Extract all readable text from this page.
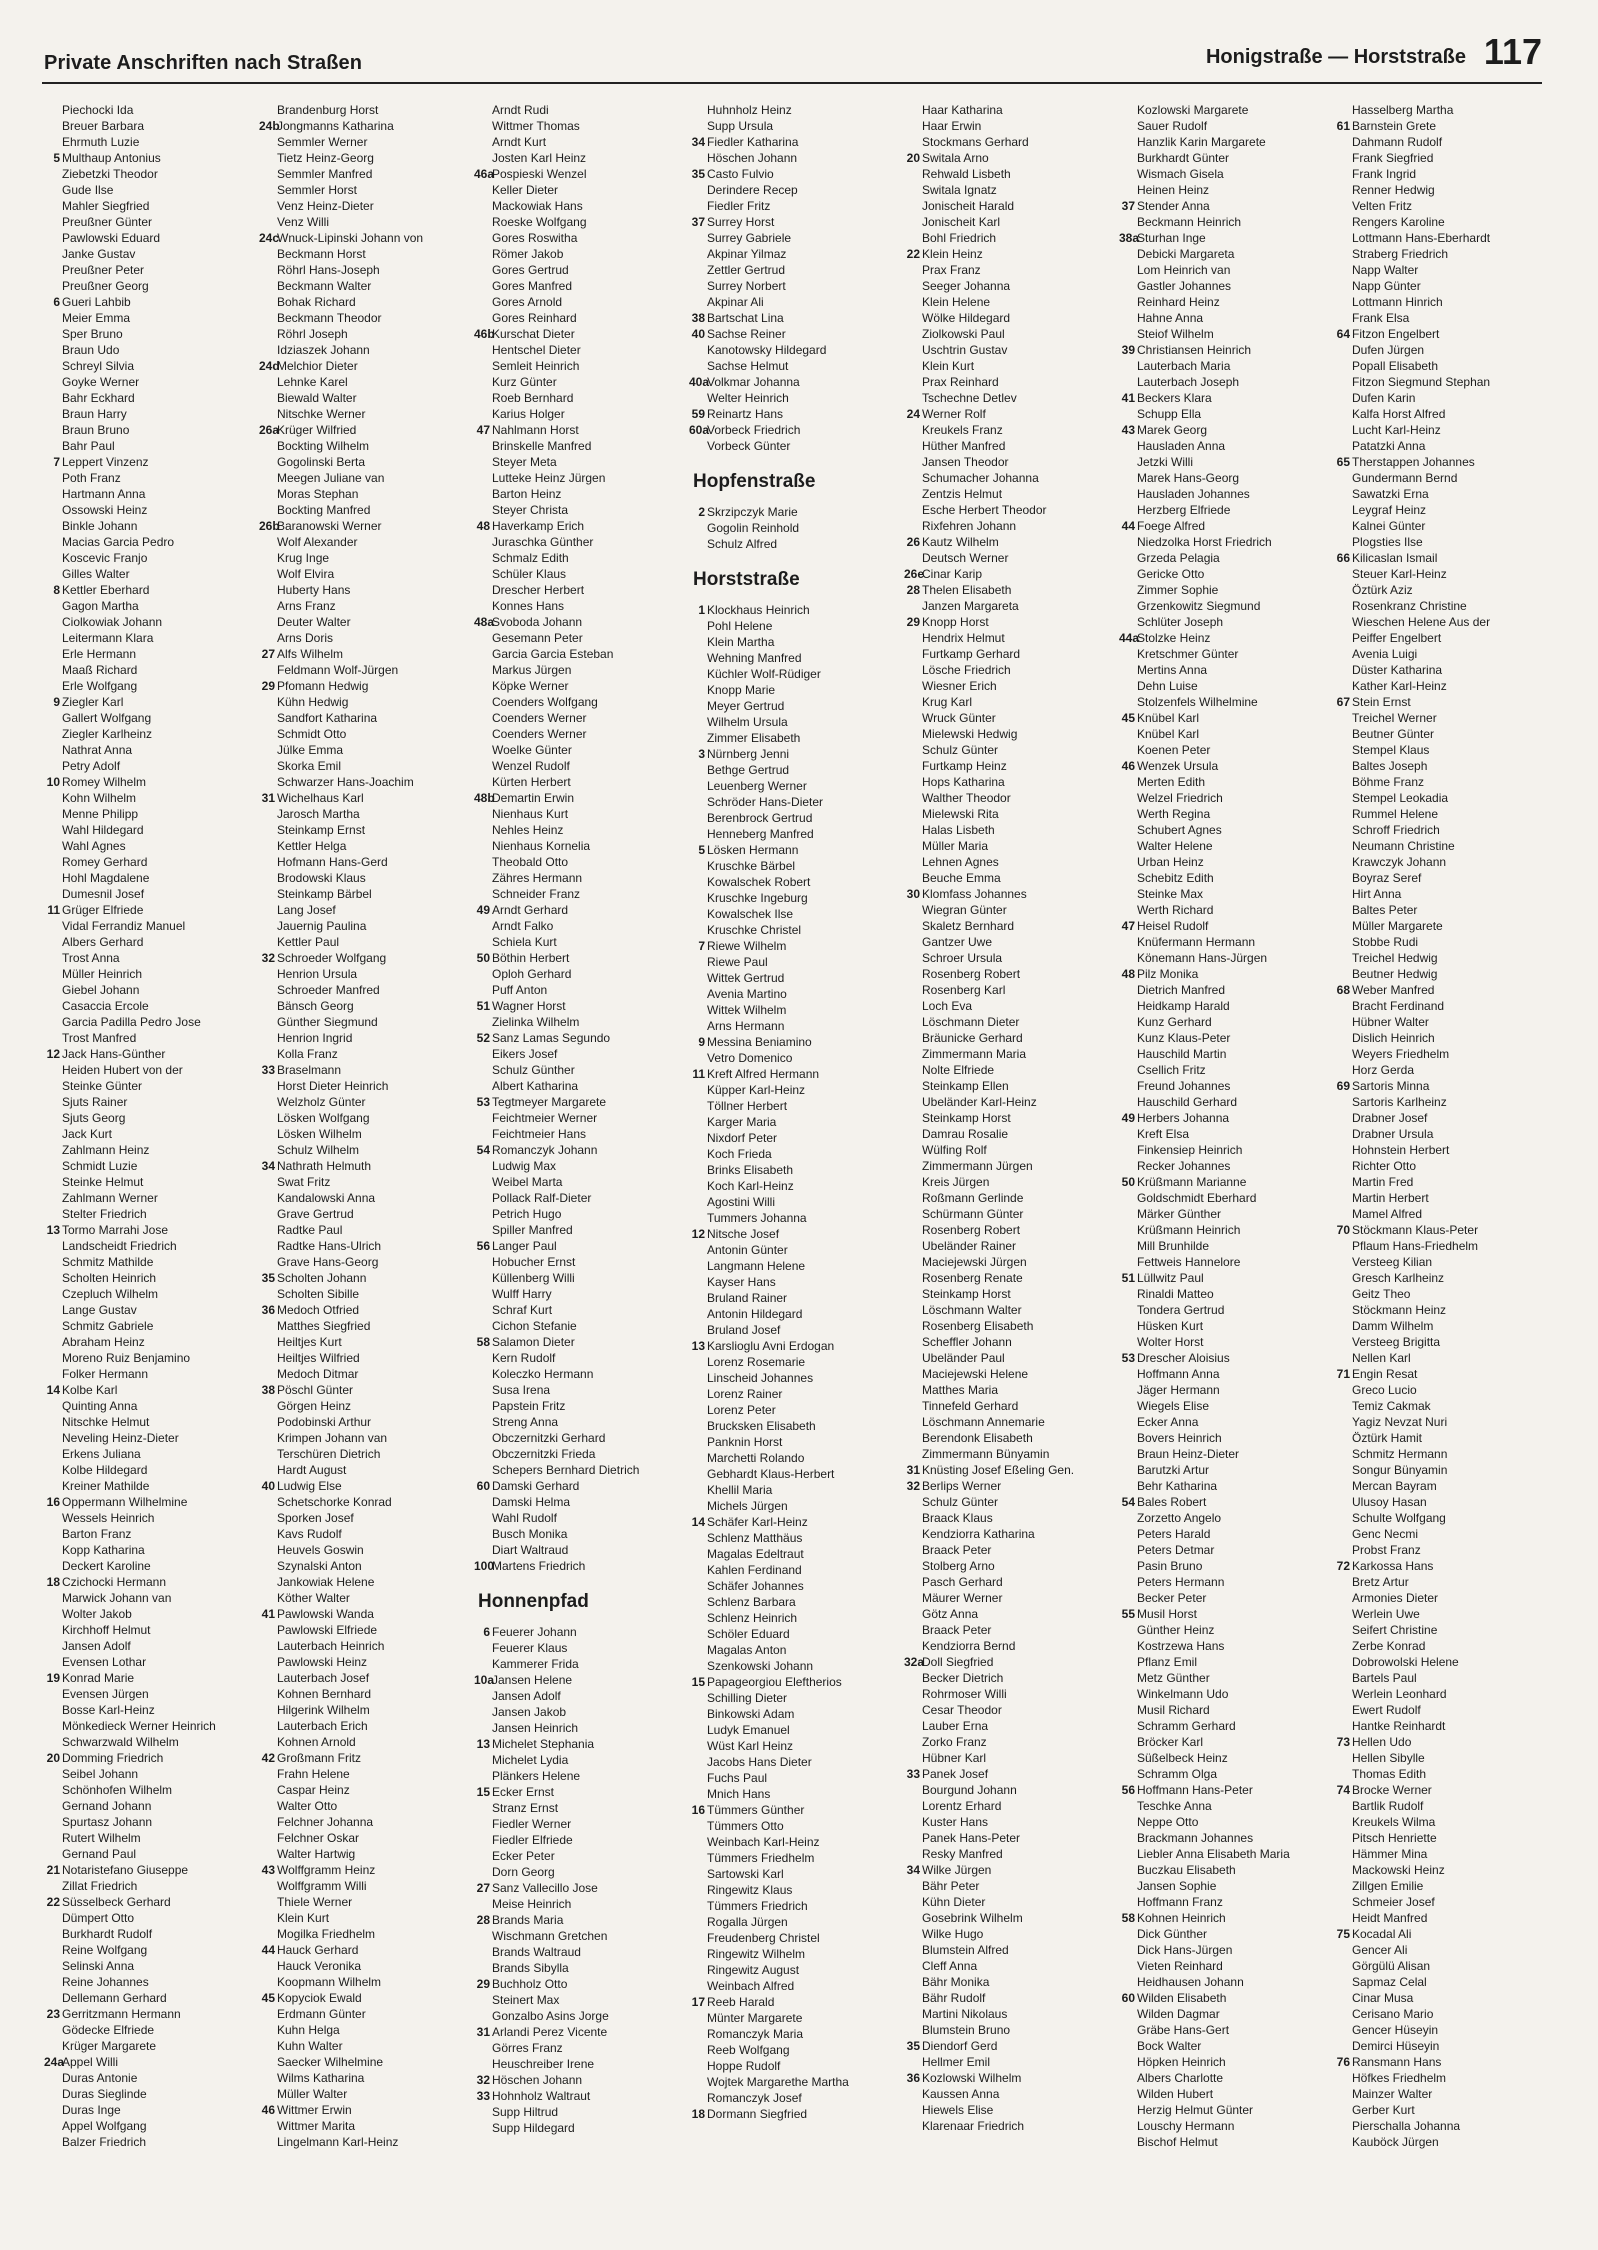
Private Anschriften nach Straßen	Honigstraße — Horststraße 117
Piechocki Ida
Breuer Barbara
Ehrmuth Luzie
5 Multhaup Antonius
Ziebetzki Theodor
Gude Ilse
Mahler Siegfried
Preußner Günter
Pawlowski Eduard
Janke Gustav
Preußner Peter
Preußner Georg
6 Gueri Lahbib
Meier Emma
Sper Bruno
Braun Udo
Schreyl Silvia
Goyke Werner
Bahr Eckhard
Braun Harry
Braun Bruno
Bahr Paul
7 Leppert Vinzenz
Poth Franz
Hartmann Anna
Ossowski Heinz
Binkle Johann
Macias Garcia Pedro
Koscevic Franjo
Gilles Walter
8 Kettler Eberhard
Gagon Martha
Ciolkowiak Johann
Leitermann Klara
Erle Hermann
Maaß Richard
Erle Wolfgang
9 Ziegler Karl
Gallert Wolfgang
Ziegler Karlheinz
Nathrat Anna
Petry Adolf
10 Romey Wilhelm
Kohn Wilhelm
Menne Philipp
Wahl Hildegard
Wahl Agnes
Romey Gerhard
Hohl Magdalene
Dumesnil Josef
11 Grüger Elfriede
Vidal Ferrandiz Manuel
Albers Gerhard
Trost Anna
Müller Heinrich
Giebel Johann
Casaccia Ercole
Garcia Padilla Pedro Jose
Trost Manfred
12 Jack Hans-Günther
Heiden Hubert von der
Steinke Günter
Sjuts Rainer
Sjuts Georg
Jack Kurt
Zahlmann Heinz
Schmidt Luzie
Steinke Helmut
Zahlmann Werner
Stelter Friedrich
13 Tormo Marrahi Jose
Landscheidt Friedrich
Schmitz Mathilde
Scholten Heinrich
Czepluch Wilhelm
Lange Gustav
Schmitz Gabriele
Abraham Heinz
Moreno Ruiz Benjamino
Folker Hermann
14 Kolbe Karl
Quinting Anna
Nitschke Helmut
Neveling Heinz-Dieter
Erkens Juliana
Kolbe Hildegard
Kreiner Mathilde
16 Oppermann Wilhelmine
Wessels Heinrich
Barton Franz
Kopp Katharina
Deckert Karoline
18 Czichocki Hermann
Marwick Johann van
Wolter Jakob
Kirchhoff Helmut
Jansen Adolf
Evensen Lothar
19 Konrad Marie
Evensen Jürgen
Bosse Karl-Heinz
Mönkedieck Werner Heinrich
Schwarzwald Wilhelm
20 Domming Friedrich
Seibel Johann
Schönhofen Wilhelm
Gernand Johann
Spurtasz Johann
Rutert Wilhelm
Gernand Paul
21 Notaristefano Giuseppe
Zillat Friedrich
22 Süsselbeck Gerhard
Dümpert Otto
Burkhardt Rudolf
Reine Wolfgang
Selinski Anna
Reine Johannes
Dellemann Gerhard
23 Gerritzmann Hermann
Gödecke Elfriede
Krüger Margarete
24a
Appel Willi
Duras Antonie
Duras Sieglinde
Duras Inge
Appel Wolfgang
Balzer Friedrich
Brandenburg Horst
24b
Jongmanns Katharina
Semmler Werner
Tietz Heinz-Georg
Semmler Manfred
Semmler Horst
Venz Heinz-Dieter
Venz Willi
24c
Wnuck-Lipinski Johann von
Beckmann Horst
Röhrl Hans-Joseph
Beckmann Walter
Bohak Richard
Beckmann Theodor
Röhrl Joseph
Idziaszek Johann
24d
Melchior Dieter
Lehnke Karel
Biewald Walter
Nitschke Werner
26a
Krüger Wilfried
Bockting Wilhelm
Gogolinski Berta
Meegen Juliane van
Moras Stephan
Bockting Manfred
26b
Baranowski Werner
Wolf Alexander
Krug Inge
Wolf Elvira
Huberty Hans
Arns Franz
Deuter Walter
Arns Doris
27 Alfs Wilhelm
Feldmann Wolf-Jürgen
29 Pfomann Hedwig
Kühn Hedwig
Sandfort Katharina
Schmidt Otto
Jülke Emma
Skorka Emil
Schwarzer Hans-Joachim
31 Wichelhaus Karl
Jarosch Martha
Steinkamp Ernst
Kettler Helga
Hofmann Hans-Gerd
Brodowski Klaus
Steinkamp Bärbel
Lang Josef
Jauernig Paulina
Kettler Paul
32 Schroeder Wolfgang
Henrion Ursula
Schroeder Manfred
Bänsch Georg
Günther Siegmund
Henrion Ingrid
Kolla Franz
33 Braselmann
Horst Dieter Heinrich
Welzholz Günter
Lösken Wolfgang
Lösken Wilhelm
Schulz Wilhelm
34 Nathrath Helmuth
Swat Fritz
Kandalowski Anna
Grave Gertrud
Radtke Paul
Radtke Hans-Ulrich
Grave Hans-Georg
35 Scholten Johann
Scholten Sibille
36 Medoch Otfried
Matthes Siegfried
Heiltjes Kurt
Heiltjes Wilfried
Medoch Ditmar
38 Pöschl Günter
Görgen Heinz
Podobinski Arthur
Krimpen Johann van
Terschüren Dietrich
Hardt August
40 Ludwig Else
Schetschorke Konrad
Sporken Josef
Kavs Rudolf
Heuvels Goswin
Szynalski Anton
Jankowiak Helene
Köther Walter
41 Pawlowski Wanda
Pawlowski Elfriede
Lauterbach Heinrich
Pawlowski Heinz
Lauterbach Josef
Kohnen Bernhard
Hilgerink Wilhelm
Lauterbach Erich
Kohnen Arnold
42 Großmann Fritz
Frahn Helene
Caspar Heinz
Walter Otto
Felchner Johanna
Felchner Oskar
Walter Hartwig
43 Wolffgramm Heinz
Wolffgramm Willi
Thiele Werner
Klein Kurt
Mogilka Friedhelm
44 Hauck Gerhard
Hauck Veronika
Koopmann Wilhelm
45 Kopyciok Ewald
Erdmann Günter
Kuhn Helga
Kuhn Walter
Saecker Wilhelmine
Wilms Katharina
Müller Walter
46 Wittmer Erwin
Wittmer Marita
Lingelmann Karl-Heinz
Arndt Rudi
Wittmer Thomas
Arndt Kurt
Josten Karl Heinz
46a
Pospieski Wenzel
Keller Dieter
Mackowiak Hans
Roeske Wolfgang
Gores Roswitha
Römer Jakob
Gores Gertrud
Gores Manfred
Gores Arnold
Gores Reinhard
46b
Kurschat Dieter
Hentschel Dieter
Semleit Heinrich
Kurz Günter
Roeb Bernhard
Karius Holger
47 Nahlmann Horst
Brinskelle Manfred
Steyer Meta
Lutteke Heinz Jürgen
Barton Heinz
Steyer Christa
48 Haverkamp Erich
Juraschka Günther
Schmalz Edith
Schüler Klaus
Drescher Herbert
Konnes Hans
48a
Svoboda Johann
Gesemann Peter
Garcia Garcia Esteban
Markus Jürgen
Köpke Werner
Coenders Wolfgang
Coenders Werner
Coenders Werner
Woelke Günter
Wenzel Rudolf
Kürten Herbert
48b
Demartin Erwin
Nienhaus Kurt
Nehles Heinz
Nienhaus Kornelia
Theobald Otto
Zähres Hermann
Schneider Franz
49 Arndt Gerhard
Arndt Falko
Schiela Kurt
50 Böthin Herbert
Oploh Gerhard
Puff Anton
51 Wagner Horst
Zielinka Wilhelm
52 Sanz Lamas Segundo
Eikers Josef
Schulz Günther
Albert Katharina
53 Tegtmeyer Margarete
Feichtmeier Werner
Feichtmeier Hans
54 Romanczyk Johann
Ludwig Max
Weibel Marta
Pollack Ralf-Dieter
Petrich Hugo
Spiller Manfred
56 Langer Paul
Hobucher Ernst
Küllenberg Willi
Wulff Harry
Schraf Kurt
Cichon Stefanie
58 Salamon Dieter
Kern Rudolf
Koleczko Hermann
Susa Irena
Papstein Fritz
Streng Anna
Obczernitzki Gerhard
Obczernitzki Frieda
Schepers Bernhard Dietrich
60 Damski Gerhard
Damski Helma
Wahl Rudolf
Busch Monika
Diart Waltraud
100
Martens Friedrich
Honnenpfad
6 Feuerer Johann
Feuerer Klaus
Kammerer Frida
10a
Jansen Helene
Jansen Adolf
Jansen Jakob
Jansen Heinrich
13 Michelet Stephania
Michelet Lydia
Plänkers Helene
15 Ecker Ernst
Stranz Ernst
Fiedler Werner
Fiedler Elfriede
Ecker Peter
Dorn Georg
27 Sanz Vallecillo Jose
Meise Heinrich
28 Brands Maria
Wischmann Gretchen
Brands Waltraud
Brands Sibylla
29 Buchholz Otto
Steinert Max
Gonzalbo Asins Jorge
31 Arlandi Perez Vicente
Görres Franz
Heuschreiber Irene
32 Höschen Johann
33 Hohnholz Waltraut
Supp Hiltrud
Supp Hildegard
Huhnholz Heinz
Supp Ursula
34 Fiedler Katharina
Höschen Johann
35 Casto Fulvio
Derindere Recep
Fiedler Fritz
37 Surrey Horst
Surrey Gabriele
Akpinar Yilmaz
Zettler Gertrud
Surrey Norbert
Akpinar Ali
38 Bartschat Lina
40 Sachse Reiner
Kanotowsky Hildegard
Sachse Helmut
40a
Volkmar Johanna
Welter Heinrich
59 Reinartz Hans
60a
Vorbeck Friedrich
Vorbeck Günter
Hopfenstraße
2 Skrzipczyk Marie
Gogolin Reinhold
Schulz Alfred
Horststraße
1 Klockhaus Heinrich
Pohl Helene
Klein Martha
Wehning Manfred
Küchler Wolf-Rüdiger
Knopp Marie
Meyer Gertrud
Wilhelm Ursula
Zimmer Elisabeth
3 Nürnberg Jenni
Bethge Gertrud
Leuenberg Werner
Schröder Hans-Dieter
Berenbrock Gertrud
Henneberg Manfred
5 Lösken Hermann
Kruschke Bärbel
Kowalschek Robert
Kruschke Ingeburg
Kowalschek Ilse
Kruschke Christel
7 Riewe Wilhelm
Riewe Paul
Wittek Gertrud
Avenia Martino
Wittek Wilhelm
Arns Hermann
9 Messina Beniamino
Vetro Domenico
11 Kreft Alfred Hermann
Küpper Karl-Heinz
Töllner Herbert
Karger Maria
Nixdorf Peter
Koch Frieda
Brinks Elisabeth
Koch Karl-Heinz
Agostini Willi
Tummers Johanna
12 Nitsche Josef
Antonin Günter
Langmann Helene
Kayser Hans
Bruland Rainer
Antonin Hildegard
Bruland Josef
13 Karslioglu Avni Erdogan
Lorenz Rosemarie
Linscheid Johannes
Lorenz Rainer
Lorenz Peter
Brucksken Elisabeth
Panknin Horst
Marchetti Rolando
Gebhardt Klaus-Herbert
Khellil Maria
Michels Jürgen
14 Schäfer Karl-Heinz
Schlenz Matthäus
Magalas Edeltraut
Kahlen Ferdinand
Schäfer Johannes
Schlenz Barbara
Schlenz Heinrich
Schöler Eduard
Magalas Anton
Szenkowski Johann
15 Papageorgiou Eleftherios
Schilling Dieter
Binkowski Adam
Ludyk Emanuel
Wüst Karl Heinz
Jacobs Hans Dieter
Fuchs Paul
Mnich Hans
16 Tümmers Günther
Tümmers Otto
Weinbach Karl-Heinz
Tümmers Friedhelm
Sartowski Karl
Ringewitz Klaus
Tümmers Friedrich
Rogalla Jürgen
Freudenberg Christel
Ringewitz Wilhelm
Ringewitz August
Weinbach Alfred
17 Reeb Harald
Münter Margarete
Romanczyk Maria
Reeb Wolfgang
Hoppe Rudolf
Wojtek Margarethe Martha
Romanczyk Josef
18 Dormann Siegfried
Haar Katharina
Haar Erwin
Stockmans Gerhard
20 Switala Arno
Rehwald Lisbeth
Switala Ignatz
Jonischeit Harald
Jonischeit Karl
Bohl Friedrich
22 Klein Heinz
Prax Franz
Seeger Johanna
Klein Helene
Wölke Hildegard
Ziolkowski Paul
Uschtrin Gustav
Klein Kurt
Prax Reinhard
Tschechne Detlev
24 Werner Rolf
Kreukels Franz
Hüther Manfred
Jansen Theodor
Schumacher Johanna
Zentzis Helmut
Esche Herbert Theodor
Rixfehren Johann
26 Kautz Wilhelm
Deutsch Werner
26e
Cinar Karip
28 Thelen Elisabeth
Janzen Margareta
29 Knopp Horst
Hendrix Helmut
Furtkamp Gerhard
Lösche Friedrich
Wiesner Erich
Krug Karl
Wruck Günter
Mielewski Hedwig
Schulz Günter
Furtkamp Heinz
Hops Katharina
Walther Theodor
Mielewski Rita
Halas Lisbeth
Müller Maria
Lehnen Agnes
Beuche Emma
30 Klomfass Johannes
Wiegran Günter
Skaletz Bernhard
Gantzer Uwe
Schroer Ursula
Rosenberg Robert
Rosenberg Karl
Loch Eva
Löschmann Dieter
Bräunicke Gerhard
Zimmermann Maria
Nolte Elfriede
Steinkamp Ellen
Ubeländer Karl-Heinz
Steinkamp Horst
Damrau Rosalie
Wülfing Rolf
Zimmermann Jürgen
Kreis Jürgen
Roßmann Gerlinde
Schürmann Günter
Rosenberg Robert
Ubeländer Rainer
Maciejewski Jürgen
Rosenberg Renate
Steinkamp Horst
Löschmann Walter
Rosenberg Elisabeth
Scheffler Johann
Ubeländer Paul
Maciejewski Helene
Matthes Maria
Tinnefeld Gerhard
Löschmann Annemarie
Berendonk Elisabeth
Zimmermann Bünyamin
31 Knüsting Josef Eßeling Gen.
32 Berlips Werner
Schulz Günter
Braack Klaus
Kendziorra Katharina
Braack Peter
Stolberg Arno
Pasch Gerhard
Mäurer Werner
Götz Anna
Braack Peter
Kendziorra Bernd
32a
Doll Siegfried
Becker Dietrich
Rohrmoser Willi
Cesar Theodor
Lauber Erna
Zorko Franz
Hübner Karl
33 Panek Josef
Bourgund Johann
Lorentz Erhard
Kuster Hans
Panek Hans-Peter
Resky Manfred
34 Wilke Jürgen
Bähr Peter
Kühn Dieter
Gosebrink Wilhelm
Wilke Hugo
Blumstein Alfred
Cleff Anna
Bähr Monika
Bähr Rudolf
Martini Nikolaus
Blumstein Bruno
35 Diendorf Gerd
Hellmer Emil
36 Kozlowski Wilhelm
Kaussen Anna
Hiewels Elise
Klarenaar Friedrich
Kozlowski Margarete
Sauer Rudolf
Hanzlik Karin Margarete
Burkhardt Günter
Wismach Gisela
Heinen Heinz
37 Stender Anna
Beckmann Heinrich
38a
Sturhan Inge
Debicki Margareta
Lom Heinrich van
Gastler Johannes
Reinhard Heinz
Hahne Anna
Steiof Wilhelm
39 Christiansen Heinrich
Lauterbach Maria
Lauterbach Joseph
41 Beckers Klara
Schupp Ella
43 Marek Georg
Hausladen Anna
Jetzki Willi
Marek Hans-Georg
Hausladen Johannes
Herzberg Elfriede
44 Foege Alfred
Niedzolka Horst Friedrich
Grzeda Pelagia
Gericke Otto
Zimmer Sophie
Grzenkowitz Siegmund
Schlüter Joseph
44a
Stolzke Heinz
Kretschmer Günter
Mertins Anna
Dehn Luise
Stolzenfels Wilhelmine
45 Knübel Karl
Knübel Karl
Koenen Peter
46 Wenzek Ursula
Merten Edith
Welzel Friedrich
Werth Regina
Schubert Agnes
Walter Helene
Urban Heinz
Schebitz Edith
Steinke Max
Werth Richard
47 Heisel Rudolf
Knüfermann Hermann
Könemann Hans-Jürgen
48 Pilz Monika
Dietrich Manfred
Heidkamp Harald
Kunz Gerhard
Kunz Klaus-Peter
Hauschild Martin
Csellich Fritz
Freund Johannes
Hauschild Gerhard
49 Herbers Johanna
Kreft Elsa
Finkensiep Heinrich
Recker Johannes
50 Krüßmann Marianne
Goldschmidt Eberhard
Märker Günther
Krüßmann Heinrich
Mill Brunhilde
Fettweis Hannelore
51 Lüllwitz Paul
Rinaldi Matteo
Tondera Gertrud
Hüsken Kurt
Wolter Horst
53 Drescher Aloisius
Hoffmann Anna
Jäger Hermann
Wiegels Elise
Ecker Anna
Bovers Heinrich
Braun Heinz-Dieter
Barutzki Artur
Behr Katharina
54 Bales Robert
Zorzetto Angelo
Peters Harald
Peters Detmar
Pasin Bruno
Peters Hermann
Becker Peter
55 Musil Horst
Günther Heinz
Kostrzewa Hans
Pflanz Emil
Metz Günther
Winkelmann Udo
Musil Richard
Schramm Gerhard
Bröcker Karl
Süßelbeck Heinz
Schramm Olga
56 Hoffmann Hans-Peter
Teschke Anna
Neppe Otto
Brackmann Johannes
Liebler Anna Elisabeth Maria
Buczkau Elisabeth
Jansen Sophie
Hoffmann Franz
58 Kohnen Heinrich
Dick Günther
Dick Hans-Jürgen
Vieten Reinhard
Heidhausen Johann
60 Wilden Elisabeth
Wilden Dagmar
Gräbe Hans-Gert
Bock Walter
Höpken Heinrich
Albers Charlotte
Wilden Hubert
Herzig Helmut Günter
Louschy Hermann
Bischof Helmut
Hasselberg Martha
61 Barnstein Grete
Dahmann Rudolf
Frank Siegfried
Frank Ingrid
Renner Hedwig
Velten Fritz
Rengers Karoline
Lottmann Hans-Eberhardt
Straberg Friedrich
Napp Walter
Napp Günter
Lottmann Hinrich
Frank Elsa
64 Fitzon Engelbert
Dufen Jürgen
Popall Elisabeth
Fitzon Siegmund Stephan
Dufen Karin
Kalfa Horst Alfred
Lucht Karl-Heinz
Patatzki Anna
65 Therstappen Johannes
Gundermann Bernd
Sawatzki Erna
Leygraf Heinz
Kalnei Günter
Plogsties Ilse
66 Kilicaslan Ismail
Steuer Karl-Heinz
Öztürk Aziz
Rosenkranz Christine
Wieschen Helene Aus der
Peiffer Engelbert
Avenia Luigi
Düster Katharina
Kather Karl-Heinz
67 Stein Ernst
Treichel Werner
Beutner Günter
Stempel Klaus
Baltes Joseph
Böhme Franz
Stempel Leokadia
Rummel Helene
Schroff Friedrich
Neumann Christine
Krawczyk Johann
Boyraz Seref
Hirt Anna
Baltes Peter
Müller Margarete
Stobbe Rudi
Treichel Hedwig
Beutner Hedwig
68 Weber Manfred
Bracht Ferdinand
Hübner Walter
Dislich Heinrich
Weyers Friedhelm
Horz Gerda
69 Sartoris Minna
Sartoris Karlheinz
Drabner Josef
Drabner Ursula
Hohnstein Herbert
Richter Otto
Martin Fred
Martin Herbert
Mamel Alfred
70 Stöckmann Klaus-Peter
Pflaum Hans-Friedhelm
Versteeg Kilian
Gresch Karlheinz
Geitz Theo
Stöckmann Heinz
Damm Wilhelm
Versteeg Brigitta
Nellen Karl
71 Engin Resat
Greco Lucio
Temiz Cakmak
Yagiz Nevzat Nuri
Öztürk Hamit
Schmitz Hermann
Songur Bünyamin
Mercan Bayram
Ulusoy Hasan
Schulte Wolfgang
Genc Necmi
Probst Franz
72 Karkossa Hans
Bretz Artur
Armonies Dieter
Werlein Uwe
Seifert Christine
Zerbe Konrad
Dobrowolski Helene
Bartels Paul
Werlein Leonhard
Ewert Rudolf
Hantke Reinhardt
73 Hellen Udo
Hellen Sibylle
Thomas Edith
74 Brocke Werner
Bartlik Rudolf
Kreukels Wilma
Pitsch Henriette
Hämmer Mina
Mackowski Heinz
Zillgen Emilie
Schmeier Josef
Heidt Manfred
75 Kocadal Ali
Gencer Ali
Görgülü Alisan
Sapmaz Celal
Cinar Musa
Cerisano Mario
Gencer Hüseyin
Demirci Hüseyin
76 Ransmann Hans
Höfkes Friedhelm
Mainzer Walter
Gerber Kurt
Pierschalla Johanna
Kauböck Jürgen
